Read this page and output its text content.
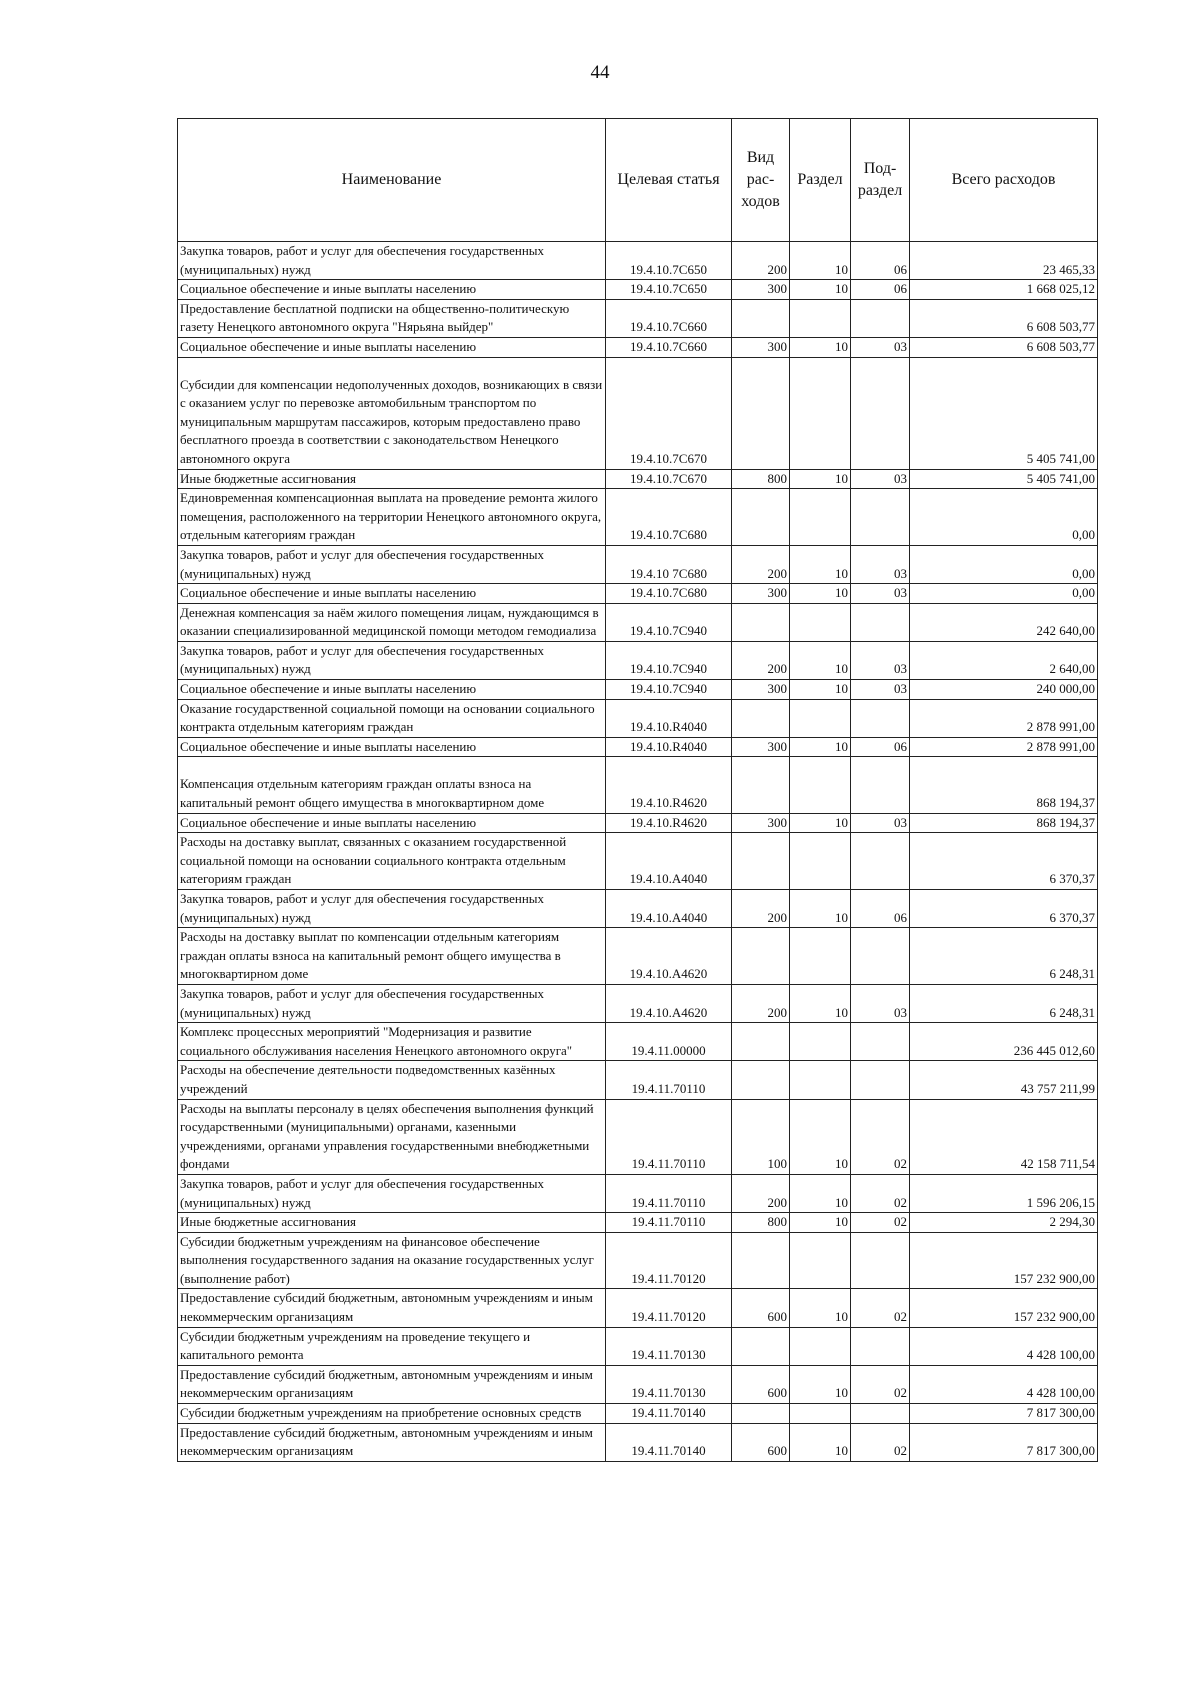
44
Наименование	Целевая статья	Вид рас-ходов	Раздел	Под-раздел	Всего расходов
Закупка товаров, работ и услуг для обеспечения государственных (муниципальных) нужд	19.4.10.7С650	200	10	06	23 465,33
Социальное обеспечение и иные выплаты населению	19.4.10.7С650	300	10	06	1 668 025,12
Предоставление бесплатной подписки на общественно-политическую газету Ненецкого автономного округа "Нярьяна выйдер"	19.4.10.7С660				6 608 503,77
Социальное обеспечение и иные выплаты населению	19.4.10.7С660	300	10	03	6 608 503,77
Субсидии для компенсации недополученных доходов, возникающих в связи с оказанием услуг по перевозке автомобильным транспортом по муниципальным маршрутам пассажиров, которым предоставлено право бесплатного проезда в соответствии с законодательством Ненецкого автономного округа	19.4.10.7С670				5 405 741,00
Иные бюджетные ассигнования	19.4.10.7С670	800	10	03	5 405 741,00
Единовременная компенсационная выплата на проведение ремонта жилого помещения, расположенного на территории Ненецкого автономного округа, отдельным категориям граждан	19.4.10.7С680				0,00
Закупка товаров, работ и услуг для обеспечения государственных (муниципальных) нужд	19.4.10 7С680	200	10	03	0,00
Социальное обеспечение и иные выплаты населению	19.4.10.7С680	300	10	03	0,00
Денежная компенсация за наём жилого помещения лицам, нуждающимся в оказании специализированной медицинской помощи методом гемодиализа	19.4.10.7С940				242 640,00
Закупка товаров, работ и услуг для обеспечения государственных (муниципальных) нужд	19.4.10.7С940	200	10	03	2 640,00
Социальное обеспечение и иные выплаты населению	19.4.10.7С940	300	10	03	240 000,00
Оказание государственной социальной помощи на основании социального контракта отдельным категориям граждан	19.4.10.R4040				2 878 991,00
Социальное обеспечение и иные выплаты населению	19.4.10.R4040	300	10	06	2 878 991,00
Компенсация отдельным категориям граждан оплаты взноса на капитальный ремонт общего имущества в многоквартирном доме	19.4.10.R4620				868 194,37
Социальное обеспечение и иные выплаты населению	19.4.10.R4620	300	10	03	868 194,37
Расходы на доставку выплат, связанных с оказанием государственной социальной помощи на основании социального контракта отдельным категориям граждан	19.4.10.А4040				6 370,37
Закупка товаров, работ и услуг для обеспечения государственных (муниципальных) нужд	19.4.10.А4040	200	10	06	6 370,37
Расходы на доставку выплат по компенсации отдельным категориям граждан оплаты взноса на капитальный ремонт общего имущества в многоквартирном доме	19.4.10.А4620				6 248,31
Закупка товаров, работ и услуг для обеспечения государственных (муниципальных) нужд	19.4.10.А4620	200	10	03	6 248,31
Комплекс процессных мероприятий "Модернизация и развитие социального обслуживания населения Ненецкого автономного округа"	19.4.11.00000				236 445 012,60
Расходы на обеспечение деятельности подведомственных казённых учреждений	19.4.11.70110				43 757 211,99
Расходы на выплаты персоналу в целях обеспечения выполнения функций государственными (муниципальными) органами, казенными учреждениями, органами управления государственными внебюджетными фондами	19.4.11.70110	100	10	02	42 158 711,54
Закупка товаров, работ и услуг для обеспечения государственных (муниципальных) нужд	19.4.11.70110	200	10	02	1 596 206,15
Иные бюджетные ассигнования	19.4.11.70110	800	10	02	2 294,30
Субсидии бюджетным учреждениям на финансовое обеспечение выполнения государственного задания на оказание государственных услуг (выполнение работ)	19.4.11.70120				157 232 900,00
Предоставление субсидий бюджетным, автономным учреждениям и иным некоммерческим организациям	19.4.11.70120	600	10	02	157 232 900,00
Субсидии бюджетным учреждениям на проведение текущего и капитального ремонта	19.4.11.70130				4 428 100,00
Предоставление субсидий бюджетным, автономным учреждениям и иным некоммерческим организациям	19.4.11.70130	600	10	02	4 428 100,00
Субсидии бюджетным учреждениям на приобретение основных средств	19.4.11.70140				7 817 300,00
Предоставление субсидий бюджетным, автономным учреждениям и иным некоммерческим организациям	19.4.11.70140	600	10	02	7 817 300,00
